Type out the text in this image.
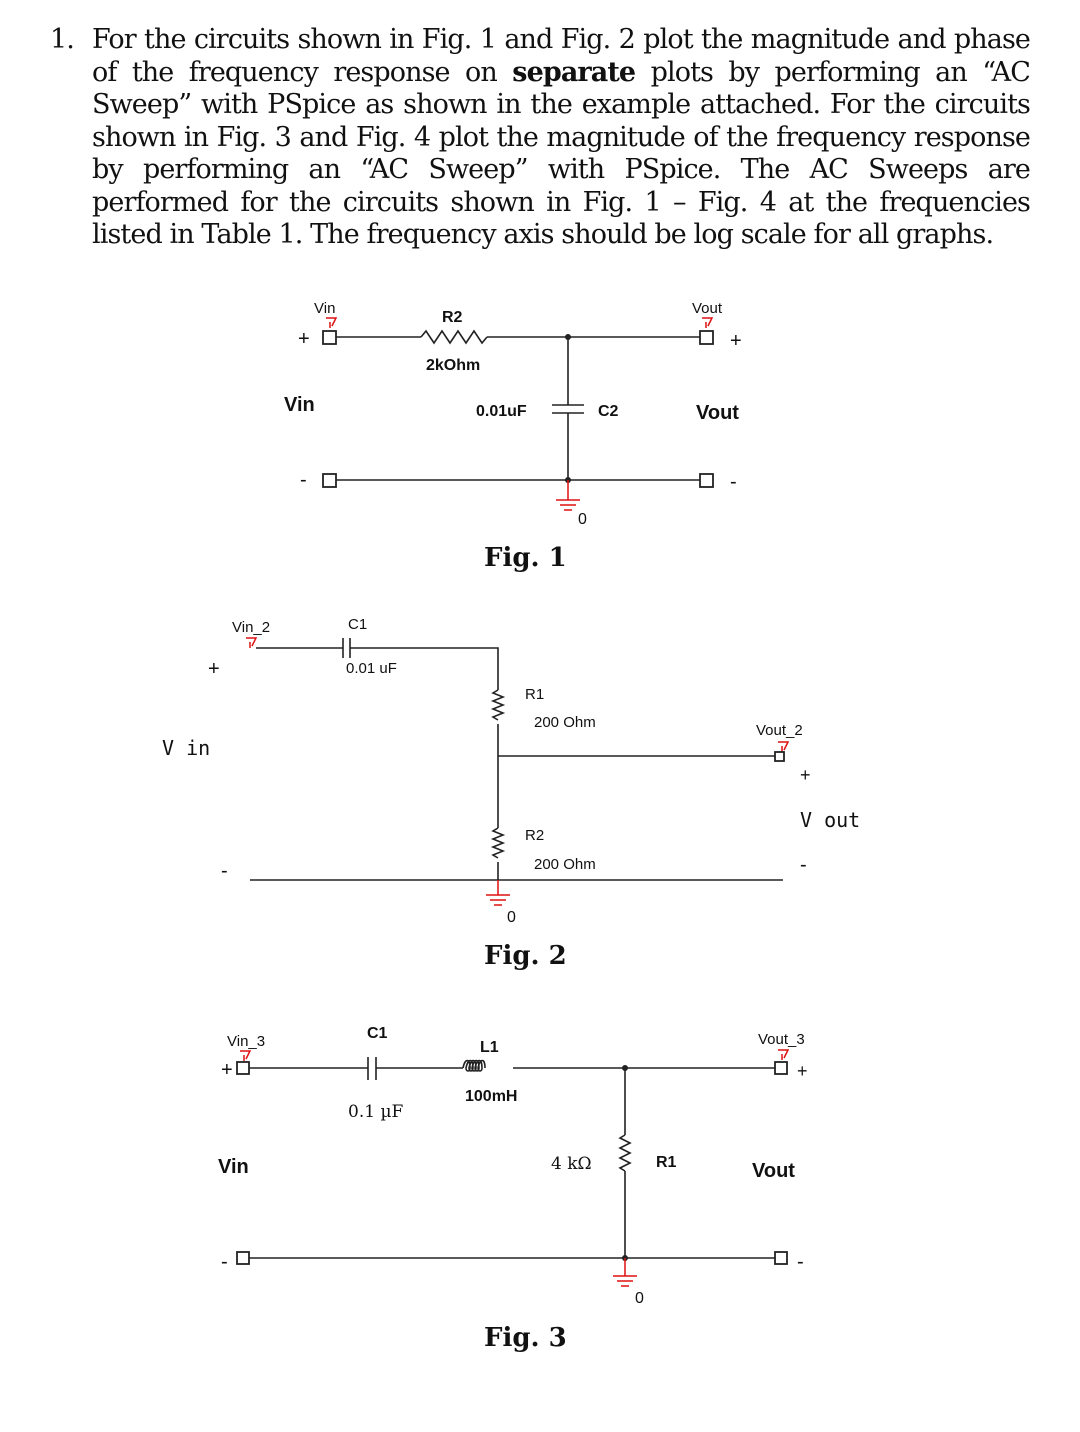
1. For the circuits shown in Fig. 1 and Fig. 2 plot the magnitude and phase of the frequency response on separate plots by performing an “AC Sweep” with PSpice as shown in the example attached. For the circuits shown in Fig. 3 and Fig. 4 plot the magnitude of the frequency response by performing an “AC Sweep” with PSpice. The AC Sweeps are performed for the circuits shown in Fig. 1 – Fig. 4 at the frequencies listed in Table 1. The frequency axis should be log scale for all graphs.
Vin
+
R2
2kOhm
0.01uF	C2
Vin	Vout
Vout
+
-	-
0
Fig. 1
Vin_2	C1
0.01 uF
R1
200 Ohm	Vout_2
+
+
V in
V out
R2
200 Ohm
-	-
0
Fig. 2
Vin_3
+
C1
0.1 µF
L1
100mH
4 kΩ	R1
Vout_3
+
Vin	Vout
-	-
0
Fig. 3
